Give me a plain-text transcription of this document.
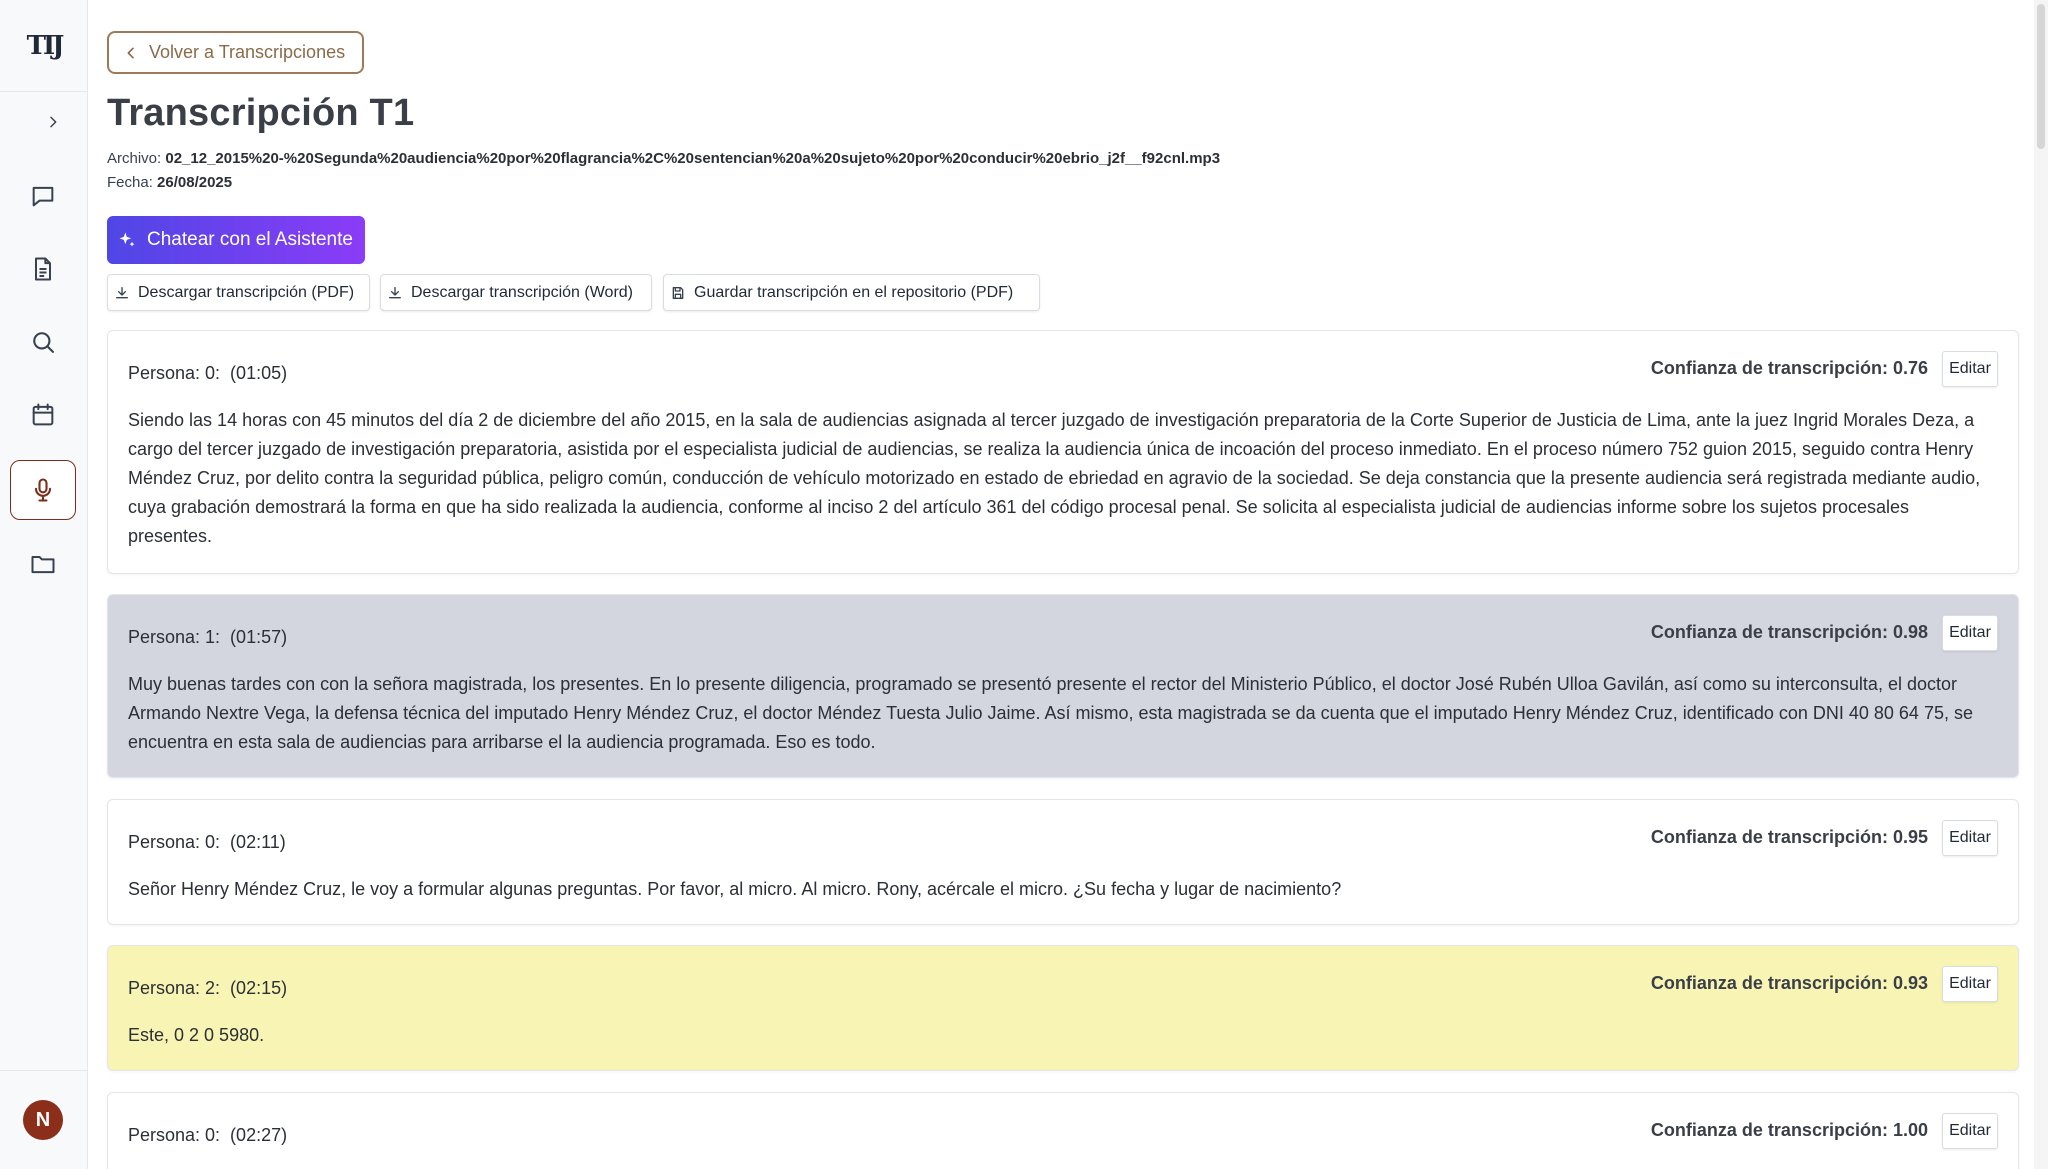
TIJ
N
Volver a Transcripciones
Transcripción T1
Archivo: 02_12_2015%20-%20Segunda%20audiencia%20por%20flagrancia%2C%20sentencian%20a%20sujeto%20por%20conducir%20ebrio_j2f__f92cnl.mp3
Fecha: 26/08/2025
Chatear con el Asistente
Descargar transcripción (PDF)	Descargar transcripción (Word)	Guardar transcripción en el repositorio (PDF)
Persona: 0:  (01:05)	Confianza de transcripción: 0.76	Editar

Siendo las 14 horas con 45 minutos del día 2 de diciembre del año 2015, en la sala de audiencias asignada al tercer juzgado de investigación preparatoria de la Corte Superior de Justicia de Lima, ante la juez Ingrid Morales Deza, a cargo del tercer juzgado de investigación preparatoria, asistida por el especialista judicial de audiencias, se realiza la audiencia única de incoación del proceso inmediato. En el proceso número 752 guion 2015, seguido contra Henry Méndez Cruz, por delito contra la seguridad pública, peligro común, conducción de vehículo motorizado en estado de ebriedad en agravio de la sociedad. Se deja constancia que la presente audiencia será registrada mediante audio, cuya grabación demostrará la forma en que ha sido realizada la audiencia, conforme al inciso 2 del artículo 361 del código procesal penal. Se solicita al especialista judicial de audiencias informe sobre los sujetos procesales presentes.

Persona: 1:  (01:57)	Confianza de transcripción: 0.98	Editar

Muy buenas tardes con con la señora magistrada, los presentes. En lo presente diligencia, programado se presentó presente el rector del Ministerio Público, el doctor José Rubén Ulloa Gavilán, así como su interconsulta, el doctor Armando Nextre Vega, la defensa técnica del imputado Henry Méndez Cruz, el doctor Méndez Tuesta Julio Jaime. Así mismo, esta magistrada se da cuenta que el imputado Henry Méndez Cruz, identificado con DNI 40 80 64 75, se encuentra en esta sala de audiencias para arribarse el la audiencia programada. Eso es todo.

Persona: 0:  (02:11)	Confianza de transcripción: 0.95	Editar

Señor Henry Méndez Cruz, le voy a formular algunas preguntas. Por favor, al micro. Al micro. Rony, acércale el micro. ¿Su fecha y lugar de nacimiento?

Persona: 2:  (02:15)	Confianza de transcripción: 0.93	Editar

Este, 0 2 0 5980.

Persona: 0:  (02:27)	Confianza de transcripción: 1.00	Editar
